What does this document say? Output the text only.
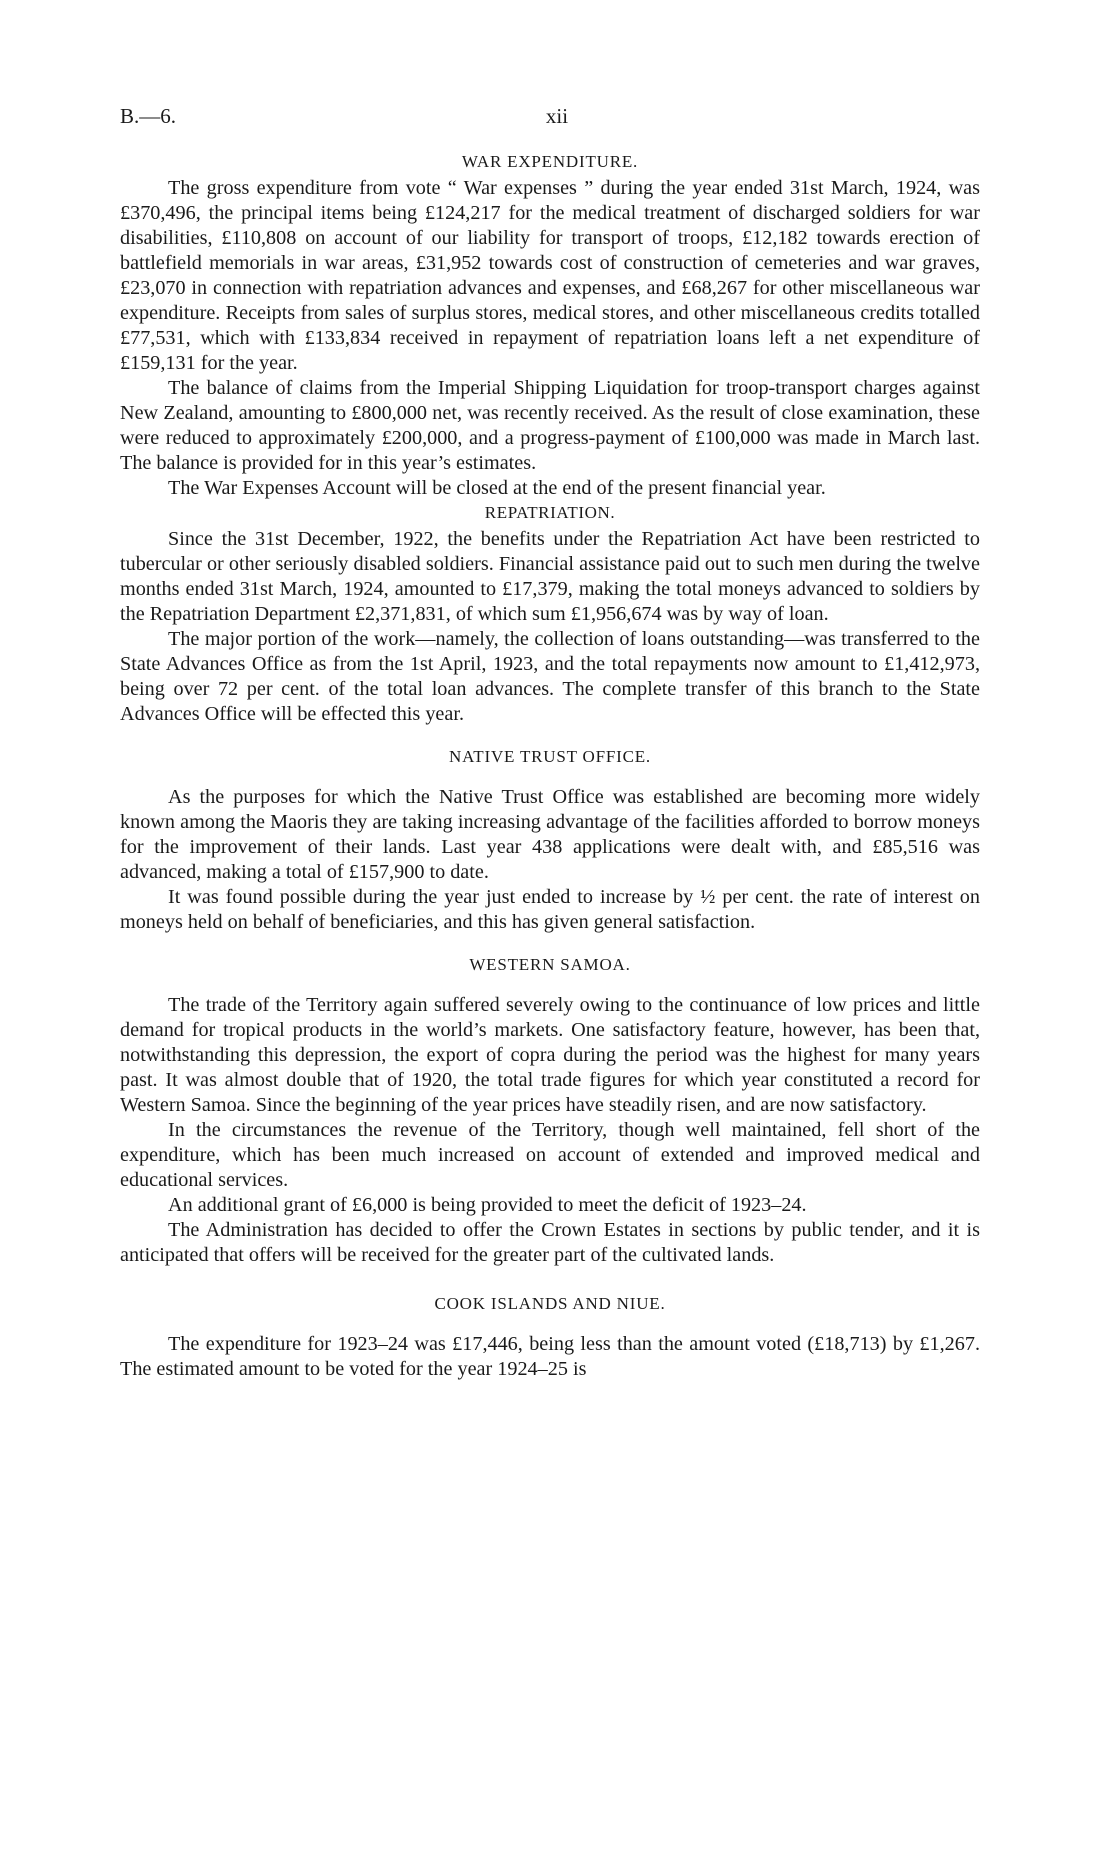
B.—6.	xii
WAR EXPENDITURE.

The gross expenditure from vote “ War expenses ” during the year ended 31st March, 1924, was £370,496, the principal items being £124,217 for the medical treatment of discharged soldiers for war disabilities, £110,808 on account of our liability for transport of troops, £12,182 towards erection of battlefield memorials in war areas, £31,952 towards cost of construction of cemeteries and war graves, £23,070 in connection with repatriation advances and expenses, and £68,267 for other miscellaneous war expenditure. Receipts from sales of surplus stores, medical stores, and other miscellaneous credits totalled £77,531, which with £133,834 received in repayment of repatriation loans left a net expenditure of £159,131 for the year.

The balance of claims from the Imperial Shipping Liquidation for troop-transport charges against New Zealand, amounting to £800,000 net, was recently received. As the result of close examination, these were reduced to approximately £200,000, and a progress-payment of £100,000 was made in March last. The balance is provided for in this year’s estimates.

The War Expenses Account will be closed at the end of the present financial year.

REPATRIATION.

Since the 31st December, 1922, the benefits under the Repatriation Act have been restricted to tubercular or other seriously disabled soldiers. Financial assistance paid out to such men during the twelve months ended 31st March, 1924, amounted to £17,379, making the total moneys advanced to soldiers by the Repatriation Department £2,371,831, of which sum £1,956,674 was by way of loan.

The major portion of the work—namely, the collection of loans outstanding—was transferred to the State Advances Office as from the 1st April, 1923, and the total repayments now amount to £1,412,973, being over 72 per cent. of the total loan advances. The complete transfer of this branch to the State Advances Office will be effected this year.

NATIVE TRUST OFFICE.

As the purposes for which the Native Trust Office was established are becoming more widely known among the Maoris they are taking increasing advantage of the facilities afforded to borrow moneys for the improvement of their lands. Last year 438 applications were dealt with, and £85,516 was advanced, making a total of £157,900 to date.

It was found possible during the year just ended to increase by ½ per cent. the rate of interest on moneys held on behalf of beneficiaries, and this has given general satisfaction.

WESTERN SAMOA.

The trade of the Territory again suffered severely owing to the continuance of low prices and little demand for tropical products in the world’s markets. One satisfactory feature, however, has been that, notwithstanding this depression, the export of copra during the period was the highest for many years past. It was almost double that of 1920, the total trade figures for which year constituted a record for Western Samoa. Since the beginning of the year prices have steadily risen, and are now satisfactory.

In the circumstances the revenue of the Territory, though well maintained, fell short of the expenditure, which has been much increased on account of extended and improved medical and educational services.

An additional grant of £6,000 is being provided to meet the deficit of 1923–24.

The Administration has decided to offer the Crown Estates in sections by public tender, and it is anticipated that offers will be received for the greater part of the cultivated lands.

COOK ISLANDS AND NIUE.

The expenditure for 1923–24 was £17,446, being less than the amount voted (£18,713) by £1,267. The estimated amount to be voted for the year 1924–25 is
